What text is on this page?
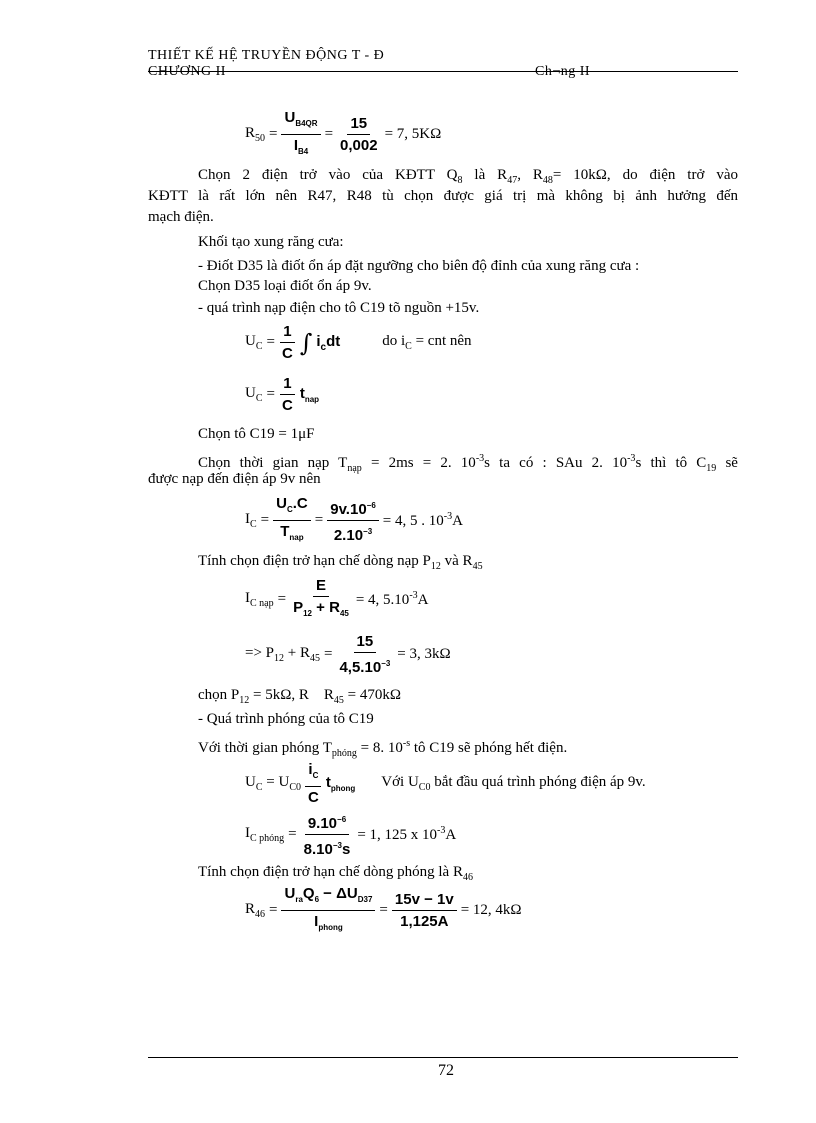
THIẾT KẾ HỆ TRUYỀN ĐỘNG T - Đ
CHƯƠNG II	Ch¬ng II
$R_{50} = \frac{U_{B4QR}}{I_{B4}} = \frac{15}{0,002} = 7$, 5KΩ
Chọn 2 điện trở vào của KĐTT $Q_8$ là $R_{47}$, $R_{48}= 10k\Omega$, do điện trở vào
KĐTT là rất lớn nên R47, R48 tù chọn được giá trị mà không bị ảnh hưởng đến
mạch điện.
Khối tạo xung răng cưa:
- Điốt D35 là điốt ổn áp đặt ngưỡng cho biên độ đỉnh của xung răng cưa :
Chọn D35 loại điốt ổn áp 9v.
- quá trình nạp điện cho tô C19 tõ nguồn +15v.
$U_C = \frac{1}{C}$ ∫ $i_cdt$	do $i_C$ = cnt nên
$U_C = \frac{1}{C} t_{nap}$
Chọn tô C19 = 1μF
Chọn thời gian nạp $T_{nạp} = 2ms = 2$. $10^{-3}s$ ta có : SAu 2. $10^{-3}s$ thì tô $C_{19}$ sẽ
được nạp đến điện áp 9v nên
$I_C = \frac{U_C.C}{T_{nap}} = \frac{9v.10^{-6}}{2.10^{-3}} = 4$, 5 . $10^{-3}A$
Tính chọn điện trở hạn chế dòng nạp $P_{12}$ và $R_{45}$
$I_{C nạp} = \frac{E}{P_{12} + R_{45}} = 4$, $5.10^{-3}A$
=> $P_{12} + R_{45} = \frac{15}{4,5.10^{-3}} = 3$, 3kΩ
chọn $P_{12} = 5k\Omega$, R    $R_{45} = 470k\Omega$
- Quá trình phóng của tô C19
Với thời gian phóng $T_{phóng} = 8$. $10^{-s}$ tô C19 sẽ phóng hết điện.
$U_C = U_{C0} \frac{i_C}{C} t_{phong}$ Với $U_{C0}$ bắt đầu quá trình phóng điện áp 9v.
$I_{C phóng} = \frac{9.10^{-6}}{8.10^{-3}s} = 1$, 125 x $10^{-3}A$
Tính chọn điện trở hạn chế dòng phóng là $R_{46}$
$R_{46} = \frac{U_{ra}Q_6 - \Delta U_{D37}}{I_{phong}} = \frac{15v - 1v}{1,125A} = 12$, 4kΩ
72
